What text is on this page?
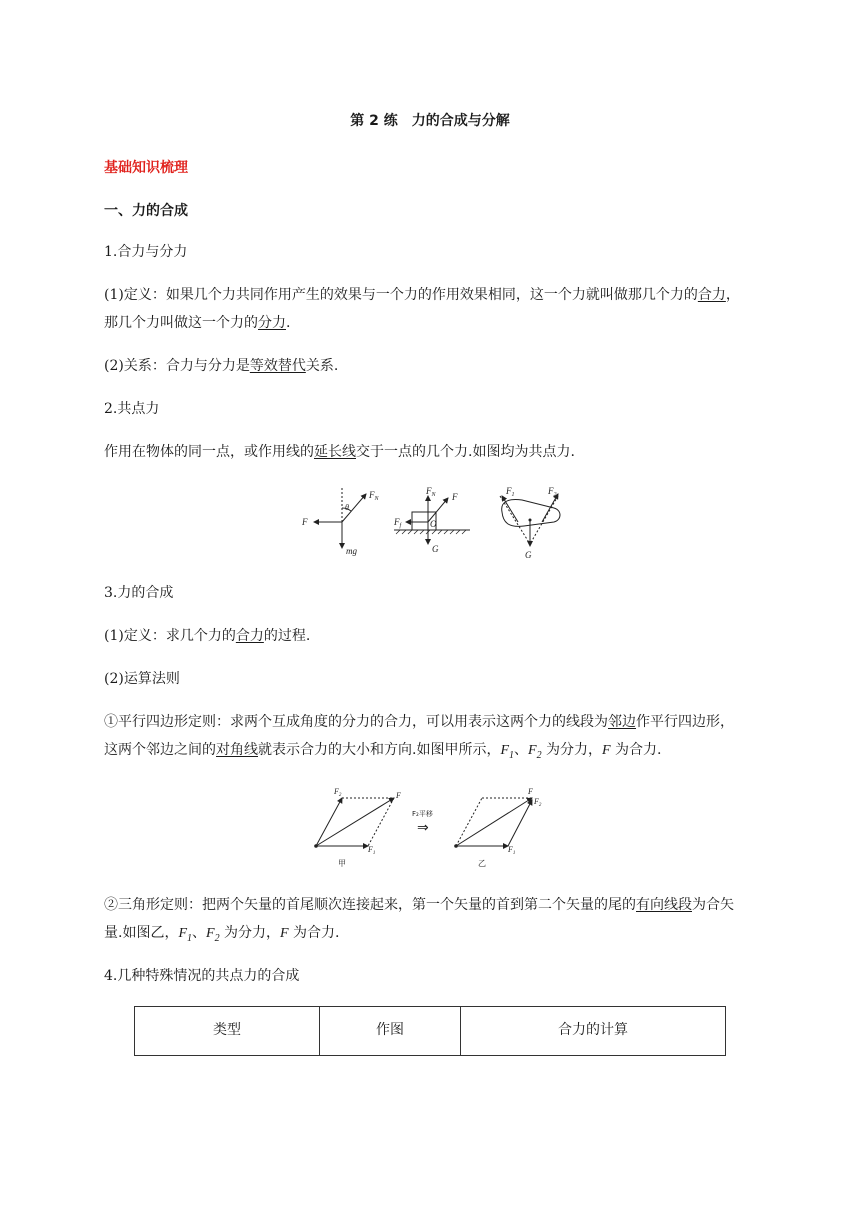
第 2 练　力的合成与分解
基础知识梳理
一、力的合成
1.合力与分力
(1)定义：如果几个力共同作用产生的效果与一个力的作用效果相同，这一个力就叫做那几个力的合力，
那几个力叫做这一个力的分力.
(2)关系：合力与分力是等效替代关系.
2.共点力
作用在物体的同一点，或作用线的延长线交于一点的几个力.如图均为共点力.
$F_N$
θ
F
mg
$F_N$ F
$F_f$	O
G
$F_1$	$F_2$
G
3.力的合成
(1)定义：求几个力的合力的过程.
(2)运算法则
①平行四边形定则：求两个互成角度的分力的合力，可以用表示这两个力的线段为邻边作平行四边形，
这两个邻边之间的对角线就表示合力的大小和方向.如图甲所示，$F_1$、$F_2$ 为分力，F 为合力.
$F_2$	F
$F_1$
甲
F₂平移
⇒
F
$F_2$
$F_1$
乙
②三角形定则：把两个矢量的首尾顺次连接起来，第一个矢量的首到第二个矢量的尾的有向线段为合矢
量.如图乙，$F_1$、$F_2$ 为分力，F 为合力.
4.几种特殊情况的共点力的合成
类型	作图	合力的计算
